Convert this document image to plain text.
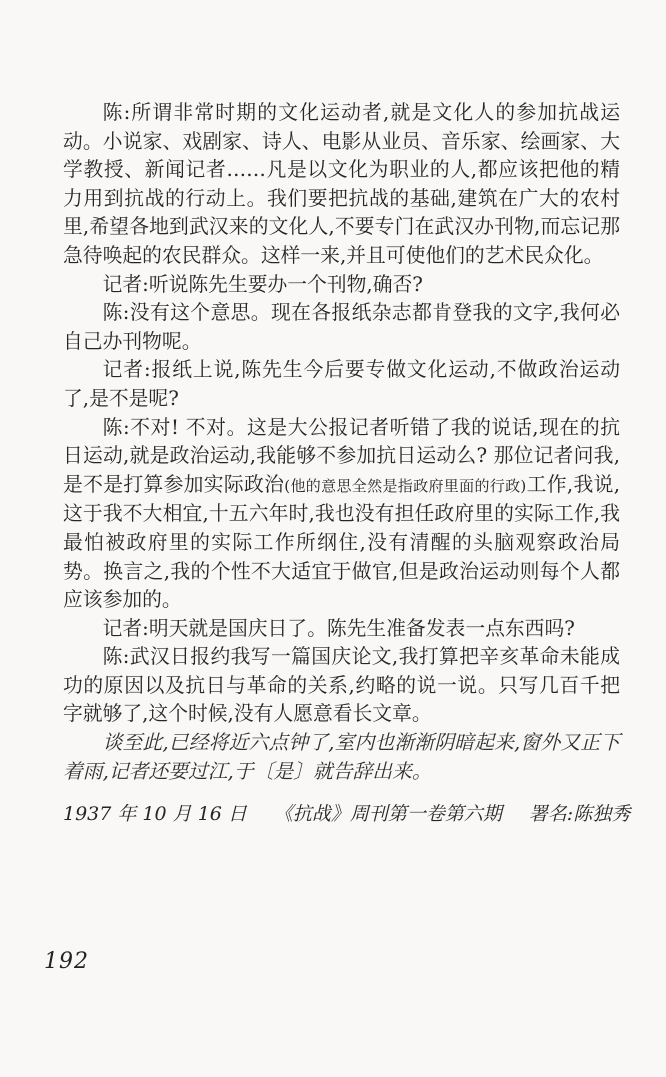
陈:所谓非常时期的文化运动者,就是文化人的参加抗战运动。小说家、戏剧家、诗人、电影从业员、音乐家、绘画家、大学教授、新闻记者……凡是以文化为职业的人,都应该把他的精力用到抗战的行动上。我们要把抗战的基础,建筑在广大的农村里,希望各地到武汉来的文化人,不要专门在武汉办刊物,而忘记那急待唤起的农民群众。这样一来,并且可使他们的艺术民众化。

记者:听说陈先生要办一个刊物,确否?

陈:没有这个意思。现在各报纸杂志都肯登我的文字,我何必自己办刊物呢。

记者:报纸上说,陈先生今后要专做文化运动,不做政治运动了,是不是呢?

陈:不对! 不对。这是大公报记者听错了我的说话,现在的抗日运动,就是政治运动,我能够不参加抗日运动么? 那位记者问我,是不是打算参加实际政治(他的意思全然是指政府里面的行政)工作,我说,这于我不大相宜,十五六年时,我也没有担任政府里的实际工作,我最怕被政府里的实际工作所纲住,没有清醒的头脑观察政治局势。换言之,我的个性不大适宜于做官,但是政治运动则每个人都应该参加的。

记者:明天就是国庆日了。陈先生准备发表一点东西吗?

陈:武汉日报约我写一篇国庆论文,我打算把辛亥革命未能成功的原因以及抗日与革命的关系,约略的说一说。只写几百千把字就够了,这个时候,没有人愿意看长文章。

谈至此,已经将近六点钟了,室内也渐渐阴暗起来,窗外又正下着雨,记者还要过江,于〔是〕就告辞出来。

1937 年 10 月 16 日 《抗战》周刊第一卷第六期 署名:陈独秀

192
